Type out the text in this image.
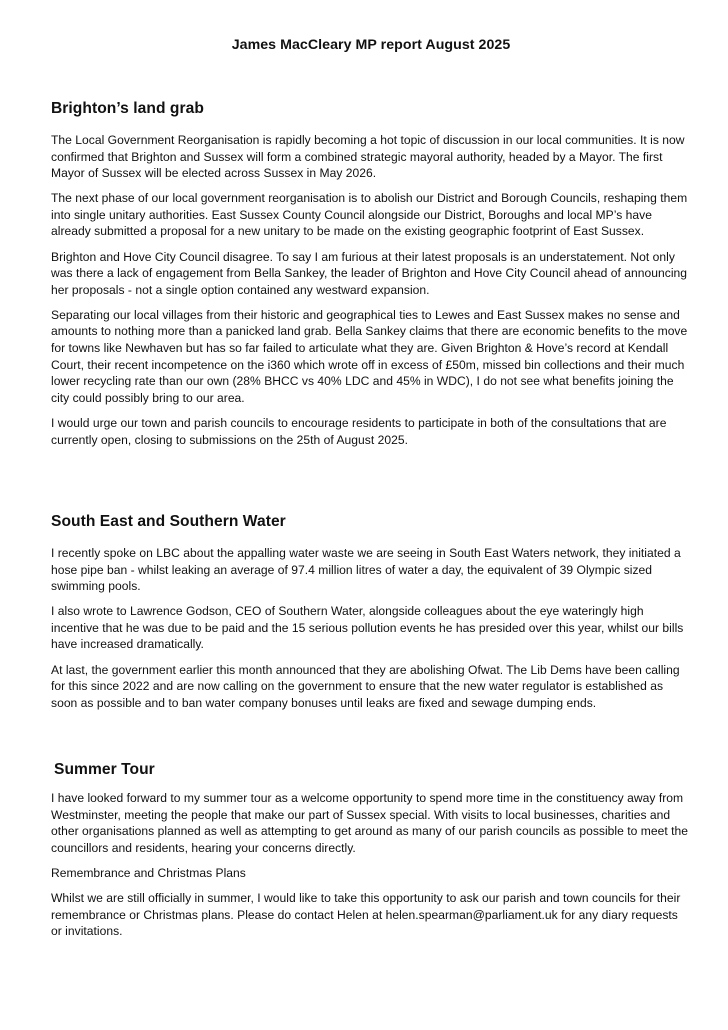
James MacCleary MP report August 2025
Brighton’s land grab

The Local Government Reorganisation is rapidly becoming a hot topic of discussion in our local communities. It is now confirmed that Brighton and Sussex will form a combined strategic mayoral authority, headed by a Mayor. The first Mayor of Sussex will be elected across Sussex in May 2026.

The next phase of our local government reorganisation is to abolish our District and Borough Councils, reshaping them into single unitary authorities. East Sussex County Council alongside our District, Boroughs and local MP’s have already submitted a proposal for a new unitary to be made on the existing geographic footprint of East Sussex.

Brighton and Hove City Council disagree. To say I am furious at their latest proposals is an understatement. Not only was there a lack of engagement from Bella Sankey, the leader of Brighton and Hove City Council ahead of announcing her proposals - not a single option contained any westward expansion.

Separating our local villages from their historic and geographical ties to Lewes and East Sussex makes no sense and amounts to nothing more than a panicked land grab. Bella Sankey claims that there are economic benefits to the move for towns like Newhaven but has so far failed to articulate what they are. Given Brighton & Hove’s record at Kendall Court, their recent incompetence on the i360 which wrote off in excess of £50m, missed bin collections and their much lower recycling rate than our own (28% BHCC vs 40% LDC and 45% in WDC), I do not see what benefits joining the city could possibly bring to our area.

I would urge our town and parish councils to encourage residents to participate in both of the consultations that are currently open, closing to submissions on the 25th of August 2025.

South East and Southern Water

I recently spoke on LBC about the appalling water waste we are seeing in South East Waters network, they initiated a hose pipe ban - whilst leaking an average of 97.4 million litres of water a day, the equivalent of 39 Olympic sized swimming pools.

I also wrote to Lawrence Godson, CEO of Southern Water, alongside colleagues about the eye wateringly high incentive that he was due to be paid and the 15 serious pollution events he has presided over this year, whilst our bills have increased dramatically.

At last, the government earlier this month announced that they are abolishing Ofwat. The Lib Dems have been calling for this since 2022 and are now calling on the government to ensure that the new water regulator is established as soon as possible and to ban water company bonuses until leaks are fixed and sewage dumping ends.

Summer Tour

I have looked forward to my summer tour as a welcome opportunity to spend more time in the constituency away from Westminster, meeting the people that make our part of Sussex special. With visits to local businesses, charities and other organisations planned as well as attempting to get around as many of our parish councils as possible to meet the councillors and residents, hearing your concerns directly.

Remembrance and Christmas Plans

Whilst we are still officially in summer, I would like to take this opportunity to ask our parish and town councils for their remembrance or Christmas plans. Please do contact Helen at helen.spearman@parliament.uk for any diary requests or invitations.
